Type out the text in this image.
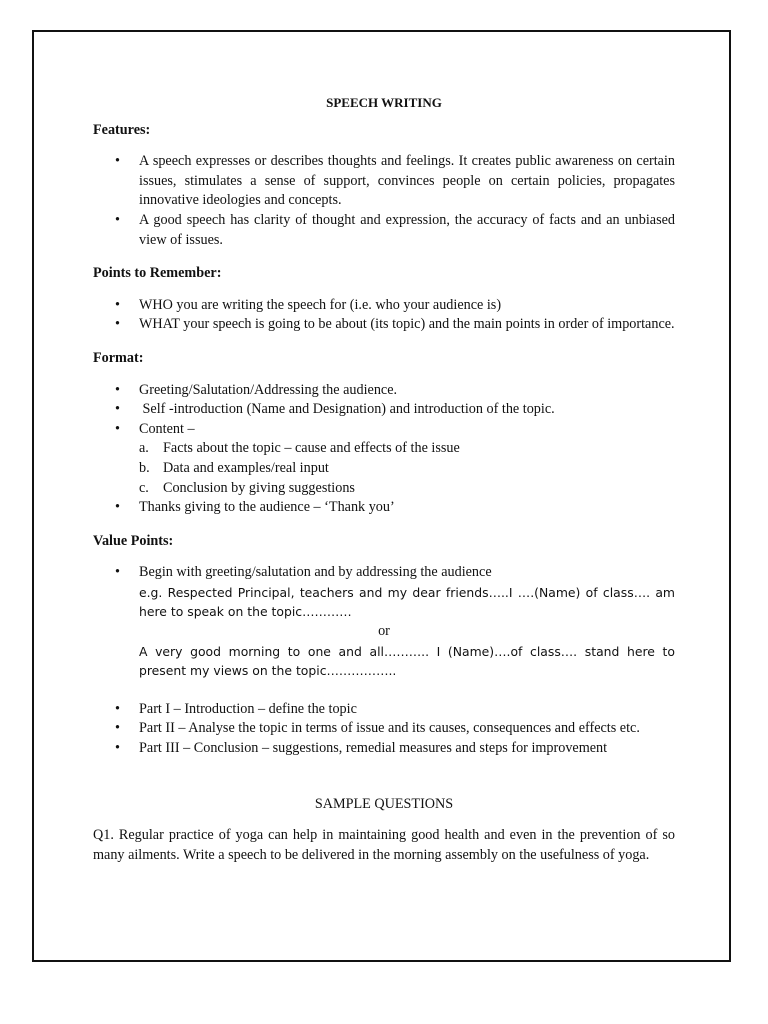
SPEECH WRITING
Features:
• A speech expresses or describes thoughts and feelings. It creates public awareness on certain issues, stimulates a sense of support, convinces people on certain policies, propagates innovative ideologies and concepts.
• A good speech has clarity of thought and expression, the accuracy of facts and an unbiased view of issues.
Points to Remember:
• WHO you are writing the speech for (i.e. who your audience is)
• WHAT your speech is going to be about (its topic) and the main points in order of importance.
Format:
• Greeting/Salutation/Addressing the audience.
•  Self -introduction (Name and Designation) and introduction of the topic.
• Content –
a. Facts about the topic – cause and effects of the issue
b. Data and examples/real input
c. Conclusion by giving suggestions
• Thanks giving to the audience – ‘Thank you’
Value Points:
• Begin with greeting/salutation and by addressing the audience
e.g. Respected Principal, teachers and my dear friends…..I ….(Name) of class…. am here to speak on the topic…………
or
A very good morning to one and all……….. I (Name)….of class…. stand here to present my views on the topic……………..
• Part I – Introduction – define the topic
• Part II – Analyse the topic in terms of issue and its causes, consequences and effects etc.
• Part III – Conclusion – suggestions, remedial measures and steps for improvement
SAMPLE QUESTIONS

Q1. Regular practice of yoga can help in maintaining good health and even in the prevention of so many ailments. Write a speech to be delivered in the morning assembly on the usefulness of yoga.
